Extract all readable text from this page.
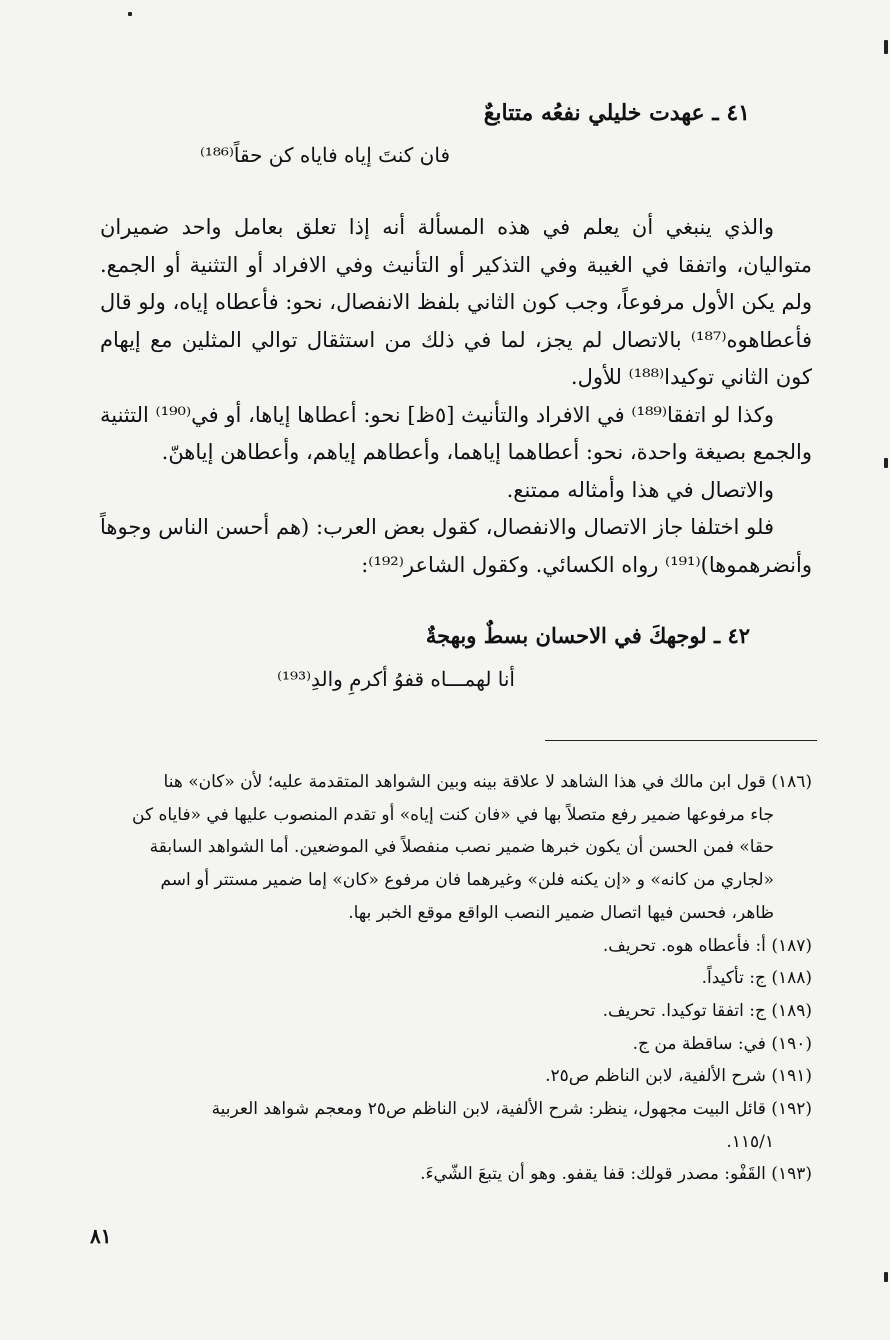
٤١ ـ عهدت خليلي نفعُه متتابعٌ
فان كنتَ إياه فاياه كن حقاً⁽¹⁸⁶⁾

والذي ينبغي أن يعلم في هذه المسألة أنه إذا تعلق بعامل واحد ضميران متواليان، واتفقا في الغيبة وفي التذكير أو التأنيث وفي الافراد أو التثنية أو الجمع. ولم يكن الأول مرفوعاً، وجب كون الثاني بلفظ الانفصال، نحو: فأعطاه إياه، ولو قال فأعطاهوه⁽¹⁸⁷⁾ بالاتصال لم يجز، لما في ذلك من استثقال توالي المثلين مع إيهام كون الثاني توكيدا⁽¹⁸⁸⁾ للأول.

وكذا لو اتفقا⁽¹⁸⁹⁾ في الافراد والتأنيث [٥ظ] نحو: أعطاها إياها، أو في⁽¹⁹⁰⁾ التثنية والجمع بصيغة واحدة، نحو: أعطاهما إياهما، وأعطاهم إياهم، وأعطاهن إياهنّ.

والاتصال في هذا وأمثاله ممتنع.

فلو اختلفا جاز الاتصال والانفصال، كقول بعض العرب: (هم أحسن الناس وجوهاً وأنضرهموها)⁽¹⁹¹⁾ رواه الكسائي. وكقول الشاعر⁽¹⁹²⁾:

٤٢ ـ لوجهكَ في الاحسان بسطٌ وبهجةٌ
أنا لهمـــاه قفوُ أكرمِ والدِ⁽¹⁹³⁾

(١٨٦) قول ابن مالك في هذا الشاهد لا علاقة بينه وبين الشواهد المتقدمة عليه؛ لأن «كان» هنا

جاء مرفوعها ضمير رفع متصلاً بها في «فان كنت إياه» أو تقدم المنصوب عليها في «فاياه كن

حقا» فمن الحسن أن يكون خبرها ضمير نصب منفصلاً في الموضعين. أما الشواهد السابقة

«لجاري من كانه» و «إن يكنه فلن» وغيرهما فان مرفوع «كان» إما ضمير مستتر أو اسم

ظاهر، فحسن فيها اتصال ضمير النصب الواقع موقع الخبر بها.

(١٨٧) أ: فأعطاه هوه. تحريف.

(١٨٨) ج: تأكيداً.

(١٨٩) ج: اتفقا توكيدا. تحريف.

(١٩٠) في: ساقطة من ج.

(١٩١) شرح الألفية، لابن الناظم ص٢٥.

(١٩٢) قائل البيت مجهول، ينظر: شرح الألفية، لابن الناظم ص٢٥ ومعجم شواهد العربية

١١٥/١.

(١٩٣) القَفْو: مصدر قولك: قفا يقفو. وهو أن يتبعَ الشّيءَ.

٨١
